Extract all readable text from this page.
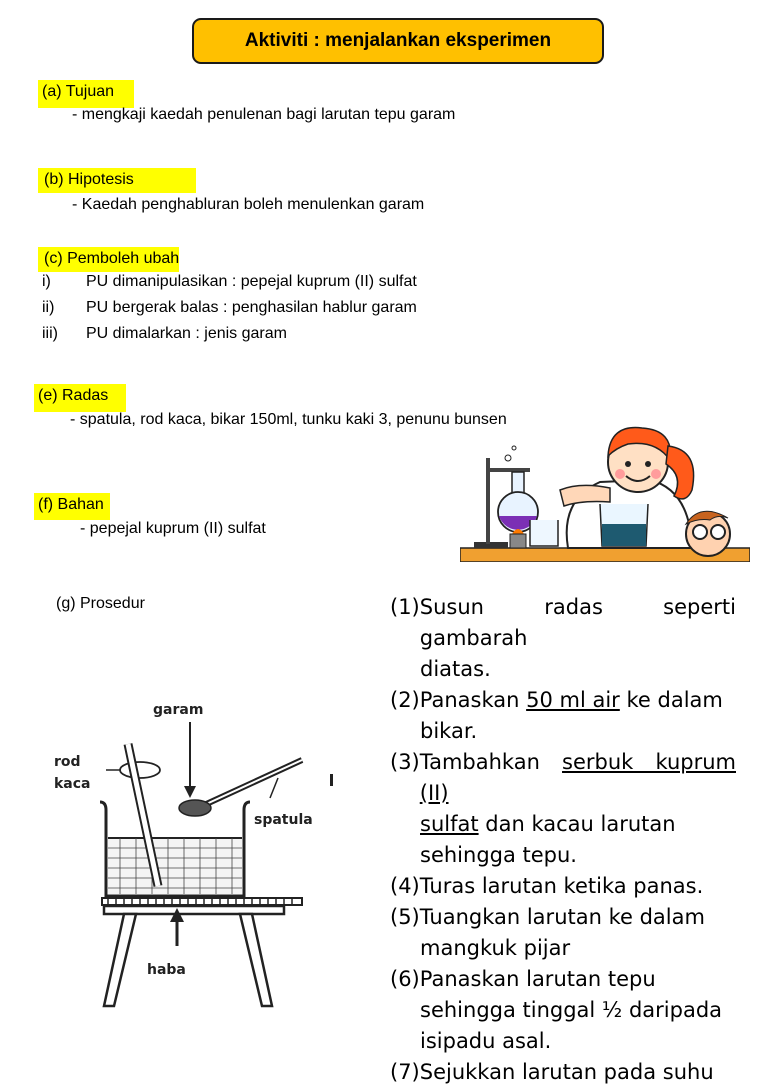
Aktiviti : menjalankan eksperimen
(a) Tujuan
- mengkaji kaedah penulenan bagi larutan tepu garam
(b) Hipotesis
- Kaedah penghabluran boleh menulenkan garam
(c) Pemboleh ubah
i) PU dimanipulasikan : pepejal kuprum (II) sulfat
ii) PU bergerak balas : penghasilan hablur garam
iii) PU dimalarkan : jenis garam
(e) Radas
- spatula, rod kaca, bikar 150ml, tunku kaki 3, penunu bunsen
(f) Bahan
- pepejal kuprum (II) sulfat
(g) Prosedur
garam
rod
kaca
spatula
haba
(1) Susun radas seperti gambarah
diatas.
(2) Panaskan 50 ml air ke dalam
bikar.
(3) Tambahkan serbuk kuprum (II)
sulfat dan kacau larutan
sehingga tepu.
(4) Turas larutan ketika panas.
(5) Tuangkan larutan ke dalam
mangkuk pijar
(6) Panaskan larutan tepu
sehingga tinggal ½ daripada
isipadu asal.
(7) Sejukkan larutan pada suhu
